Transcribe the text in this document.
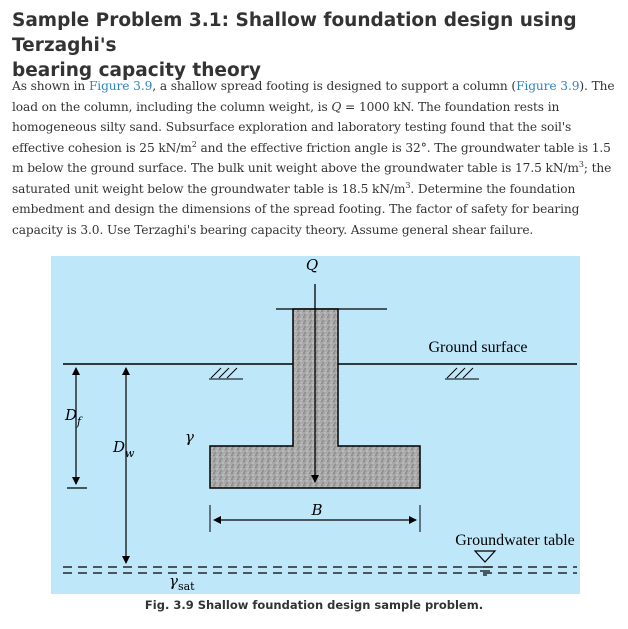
Sample Problem 3.1: Shallow foundation design using Terzaghi's
bearing capacity theory
As shown in Figure 3.9, a shallow spread footing is designed to support a column (Figure 3.9). The load on the column, including the column weight, is Q = 1000 kN. The foundation rests in homogeneous silty sand. Subsurface exploration and laboratory testing found that the soil's effective cohesion is 25 $kN/m^2$ and the effective friction angle is 32°. The groundwater table is 1.5 m below the ground surface. The bulk unit weight above the groundwater table is 17.5 $kN/m^3$; the saturated unit weight below the groundwater table is 18.5 $kN/m^3$. Determine the foundation embedment and design the dimensions of the spread footing. The factor of safety for bearing capacity is 3.0. Use Terzaghi's bearing capacity theory. Assume general shear failure.
Q
Ground surface
$D_f$
$D_w$
γ
B
Groundwater table
$\gamma_{sat}$
Fig. 3.9 Shallow foundation design sample problem.
